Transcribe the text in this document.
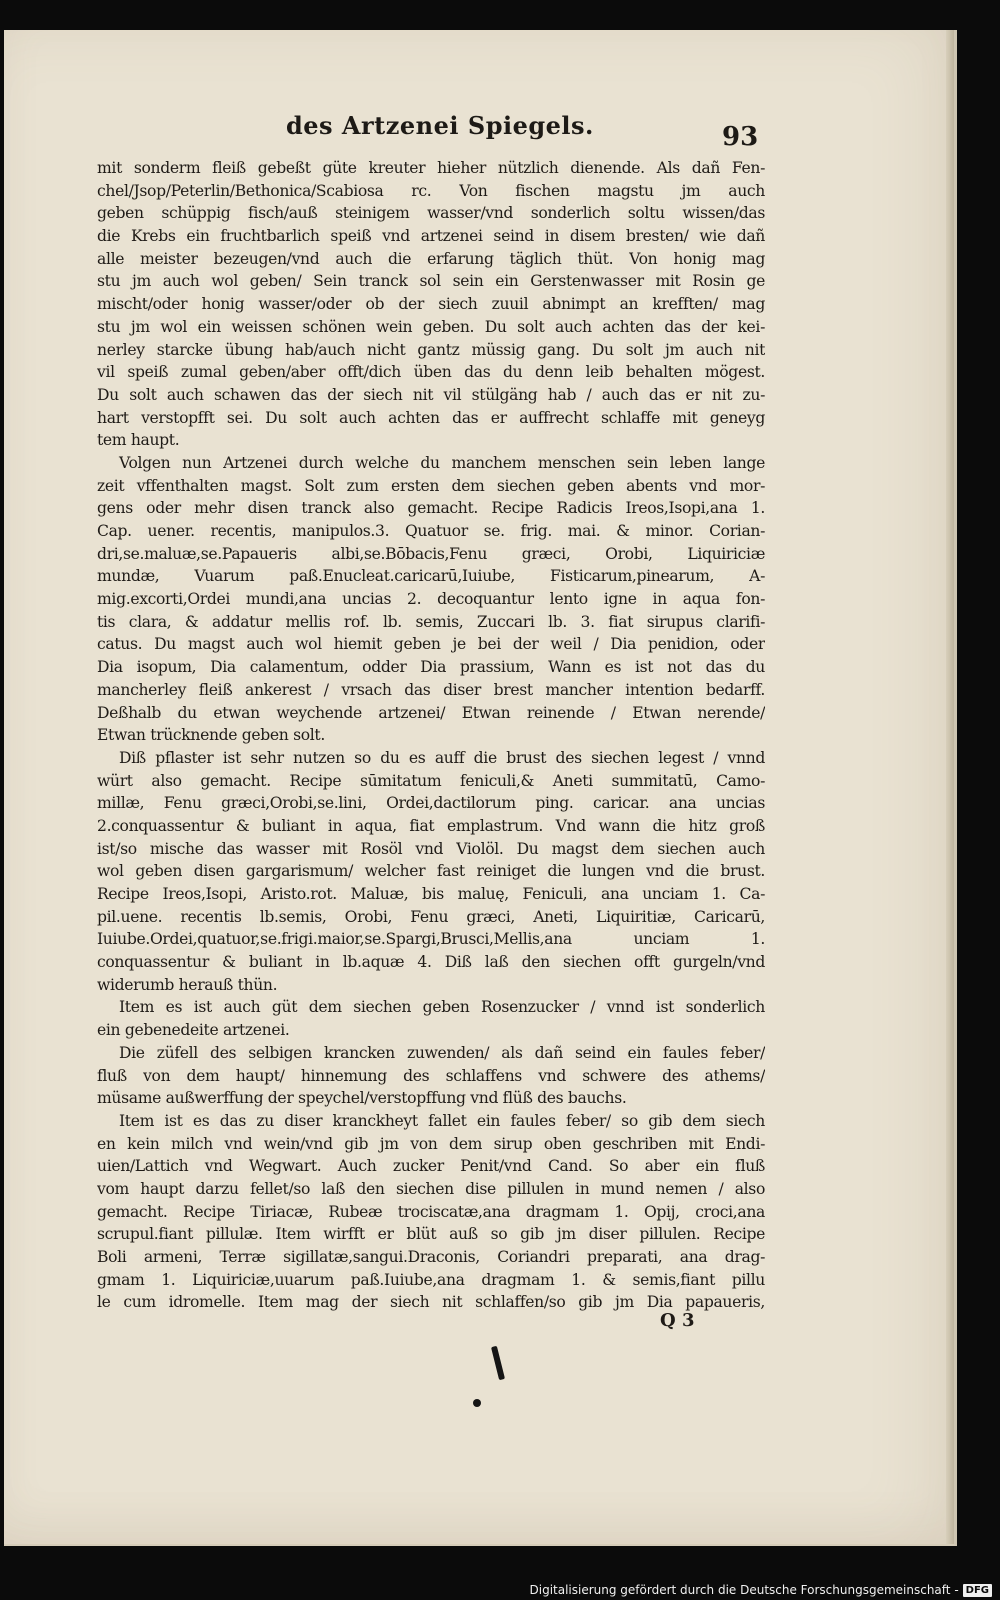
des Artzenei Spiegels.	93
mit sonderm fleiß gebeßt güte kreuter hieher nützlich dienende. Als dañ Fen-
chel/Jsop/Peterlin/Bethonica/Scabiosa rc. Von fischen magstu jm auch
geben schüppig fisch/auß steinigem wasser/vnd sonderlich soltu wissen/das
die Krebs ein fruchtbarlich speiß vnd artzenei seind in disem bresten/ wie dañ
alle meister bezeugen/vnd auch die erfarung täglich thüt. Von honig mag
stu jm auch wol geben/ Sein tranck sol sein ein Gerstenwasser mit Rosin ge
mischt/oder honig wasser/oder ob der siech zuuil abnimpt an krefften/ mag
stu jm wol ein weissen schönen wein geben. Du solt auch achten das der kei-
nerley starcke übung hab/auch nicht gantz müssig gang. Du solt jm auch nit
vil speiß zumal geben/aber offt/dich üben das du denn leib behalten mögest.
Du solt auch schawen das der siech nit vil stülgäng hab / auch das er nit zu-
hart verstopfft sei. Du solt auch achten das er auffrecht schlaffe mit geneyg
tem haupt.
Volgen nun Artzenei durch welche du manchem menschen sein leben lange
zeit vffenthalten magst. Solt zum ersten dem siechen geben abents vnd mor-
gens oder mehr disen tranck also gemacht. Recipe Radicis Ireos,Isopi,ana 1.
Cap. uener. recentis, manipulos.3. Quatuor se. frig. mai. & minor. Corian-
dri,se.maluæ,se.Papaueris albi,se.Bōbacis,Fenu græci, Orobi, Liquiriciæ
mundæ, Vuarum paß.Enucleat.caricarū,Iuiube, Fisticarum,pinearum, A-
mig.excorti,Ordei mundi,ana uncias 2. decoquantur lento igne in aqua fon-
tis clara, & addatur mellis rof. lb. semis, Zuccari lb. 3. fiat sirupus clarifi-
catus. Du magst auch wol hiemit geben je bei der weil / Dia penidion, oder
Dia isopum, Dia calamentum, odder Dia prassium, Wann es ist not das du
mancherley fleiß ankerest / vrsach das diser brest mancher intention bedarff.
Deßhalb du etwan weychende artzenei/ Etwan reinende / Etwan nerende/
Etwan trücknende geben solt.
Diß pflaster ist sehr nutzen so du es auff die brust des siechen legest / vnnd
würt also gemacht. Recipe sūmitatum feniculi,& Aneti summitatū, Camo-
millæ, Fenu græci,Orobi,se.lini, Ordei,dactilorum ping. caricar. ana uncias
2.conquassentur & buliant in aqua, fiat emplastrum. Vnd wann die hitz groß
ist/so mische das wasser mit Rosöl vnd Violöl. Du magst dem siechen auch
wol geben disen gargarismum/ welcher fast reiniget die lungen vnd die brust.
Recipe Ireos,Isopi, Aristo.rot. Maluæ, bis maluę, Feniculi, ana unciam 1. Ca-
pil.uene. recentis lb.semis, Orobi, Fenu græci, Aneti, Liquiritiæ, Caricarū,
Iuiube.Ordei,quatuor,se.frigi.maior,se.Spargi,Brusci,Mellis,ana unciam 1.
conquassentur & buliant in lb.aquæ 4. Diß laß den siechen offt gurgeln/vnd
widerumb herauß thün.
Item es ist auch güt dem siechen geben Rosenzucker / vnnd ist sonderlich
ein gebenedeite artzenei.
Die züfell des selbigen krancken zuwenden/ als dañ seind ein faules feber/
fluß von dem haupt/ hinnemung des schlaffens vnd schwere des athems/
müsame außwerffung der speychel/verstopffung vnd flüß des bauchs.
Item ist es das zu diser kranckheyt fallet ein faules feber/ so gib dem siech
en kein milch vnd wein/vnd gib jm von dem sirup oben geschriben mit Endi-
uien/Lattich vnd Wegwart. Auch zucker Penit/vnd Cand. So aber ein fluß
vom haupt darzu fellet/so laß den siechen dise pillulen in mund nemen / also
gemacht. Recipe Tiriacæ, Rubeæ trociscatæ,ana dragmam 1. Opij, croci,ana
scrupul.fiant pillulæ. Item wirfft er blüt auß so gib jm diser pillulen. Recipe
Boli armeni, Terræ sigillatæ,sangui.Draconis, Coriandri preparati, ana drag-
gmam 1. Liquiriciæ,uuarum paß.Iuiube,ana dragmam 1. & semis,fiant pillu
le cum idromelle. Item mag der siech nit schlaffen/so gib jm Dia papaueris,
Q 3
Digitalisierung gefördert durch die Deutsche Forschungsgemeinschaft - DFG
